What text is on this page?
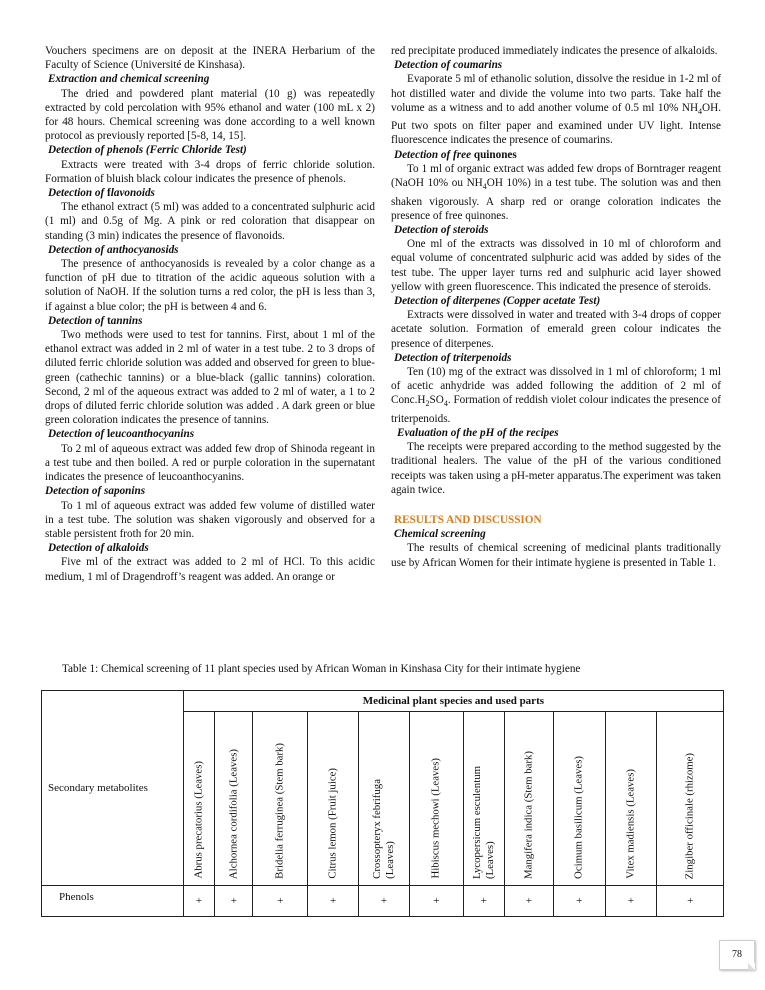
Vouchers specimens are on deposit at the INERA Herbarium of the Faculty of Science (Université de Kinshasa).

Extraction and chemical screening

The dried and powdered plant material (10 g) was repeatedly extracted by cold percolation with 95% ethanol and water (100 mL x 2) for 48 hours. Chemical screening was done according to a well known protocol as previously reported [5-8, 14, 15].

Detection of phenols (Ferric Chloride Test)

Extracts were treated with 3-4 drops of ferric chloride solution. Formation of bluish black colour indicates the presence of phenols.

Detection of flavonoids

The ethanol extract (5 ml) was added to a concentrated sulphuric acid (1 ml) and 0.5g of Mg. A pink or red coloration that disappear on standing (3 min) indicates the presence of flavonoids.

Detection of anthocyanosids

The presence of anthocyanosids is revealed by a color change as a function of pH due to titration of the acidic aqueous solution with a solution of NaOH. If the solution turns a red color, the pH is less than 3, if against a blue color; the pH is between 4 and 6.

Detection of tannins

Two methods were used to test for tannins. First, about 1 ml of the ethanol extract was added in 2 ml of water in a test tube. 2 to 3 drops of diluted ferric chloride solution was added and observed for green to blue-green (cathechic tannins) or a blue-black (gallic tannins) coloration. Second, 2 ml of the aqueous extract was added to 2 ml of water, a 1 to 2 drops of diluted ferric chloride solution was added . A dark green or blue green coloration indicates the presence of tannins.

Detection of leucoanthocyanins

To 2 ml of aqueous extract was added few drop of Shinoda regeant in a test tube and then boiled. A red or purple coloration in the supernatant indicates the presence of leucoanthocyanins.

Detection of saponins

To 1 ml of aqueous extract was added few volume of distilled water in a test tube. The solution was shaken vigorously and observed for a stable persistent froth for 20 min.

Detection of alkaloids

Five ml of the extract was added to 2 ml of HCl. To this acidic medium, 1 ml of Dragendroff’s reagent was added. An orange or

red precipitate produced immediately indicates the presence of alkaloids.

Detection of coumarins

Evaporate 5 ml of ethanolic solution, dissolve the residue in 1-2 ml of hot distilled water and divide the volume into two parts. Take half the volume as a witness and to add another volume of 0.5 ml 10% $NH_4OH$. Put two spots on filter paper and examined under UV light. Intense fluorescence indicates the presence of coumarins.

Detection of free quinones

To 1 ml of organic extract was added few drops of Borntrager reagent (NaOH 10% ou $NH_4OH$ 10%) in a test tube. The solution was and then shaken vigorously. A sharp red or orange coloration indicates the presence of free quinones.

Detection of steroids

One ml of the extracts was dissolved in 10 ml of chloroform and equal volume of concentrated sulphuric acid was added by sides of the test tube. The upper layer turns red and sulphuric acid layer showed yellow with green fluorescence. This indicated the presence of steroids.

Detection of diterpenes (Copper acetate Test)

Extracts were dissolved in water and treated with 3-4 drops of copper acetate solution. Formation of emerald green colour indicates the presence of diterpenes.

Detection of triterpenoids

Ten (10) mg of the extract was dissolved in 1 ml of chloroform; 1 ml of acetic anhydride was added following the addition of 2 ml of $Conc.H_2SO_4$. Formation of reddish violet colour indicates the presence of triterpenoids.

Evaluation of the pH of the recipes

The receipts were prepared according to the method suggested by the traditional healers. The value of the pH of the various conditioned receipts was taken using a pH-meter apparatus.The experiment was taken again twice.

RESULTS AND DISCUSSION

Chemical screening

The results of chemical screening of medicinal plants traditionally use by African Women for their intimate hygiene is presented in Table 1.

Table 1: Chemical screening of 11 plant species used by African Woman in Kinshasa City for their intimate hygiene
Secondary metabolites	Medicinal plant species and used parts										

	Abrus precatorius (Leaves)	Alchornea cordifolia (Leaves)	Bridelia ferruginea (Stem bark)	Citrus lemon (Fruit juice)	Crossopteryx febrifuga
(Leaves)	Hibiscus mechowi (Leaves)	Lycopersicum esculentum
(Leaves)	Mangifera indica (Stem bark)	Ocimum basilicum (Leaves)	Vitex madiensis (Leaves)	Zingiber officinale (rhizome)

Phenols	+	+	+	+	+	+	+	+	+	+	+
78
